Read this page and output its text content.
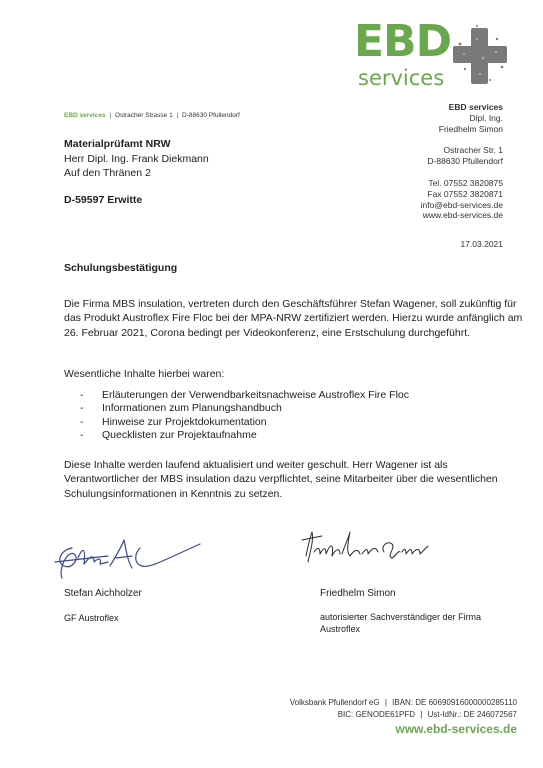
EBD
services
EBD services | Ostracher Strasse 1 | D-88630 Pfullendorf
Materialprüfamt NRW
Herr Dipl. Ing. Frank Diekmann
Auf den Thränen 2
D-59597 Erwitte
EBD services
Dipl. Ing.
Friedhelm Simon
Ostracher Str. 1
D-88630 Pfullendorf
Tel. 07552 3820875
Fax 07552 3820871
info@ebd-services.de
www.ebd-services.de
17.03.2021
Schulungsbestätigung
Die Firma MBS insulation, vertreten durch den Geschäftsführer Stefan Wagener, soll zukünftig für das Produkt Austroflex Fire Floc bei der MPA-NRW zertifiziert werden. Hierzu wurde anfänglich am 26. Februar 2021, Corona bedingt per Videokonferenz, eine Erstschulung durchgeführt.
Wesentliche Inhalte hierbei waren:
- Erläuterungen der Verwendbarkeitsnachweise Austroflex Fire Floc
- Informationen zum Planungshandbuch
- Hinweise zur Projektdokumentation
- Quecklisten zur Projektaufnahme
Diese Inhalte werden laufend aktualisiert und weiter geschult. Herr Wagener ist als Verantwortlicher der MBS insulation dazu verpflichtet, seine Mitarbeiter über die wesentlichen Schulungsinformationen in Kenntnis zu setzen.
Stefan Aichholzer
GF Austroflex
Friedhelm Simon
autorisierter Sachverständiger der Firma Austroflex
Volksbank Pfullendorf eG | IBAN: DE 60690916000000285110
BIC: GENODE61PFD | Ust-IdNr.: DE 246072567
www.ebd-services.de
